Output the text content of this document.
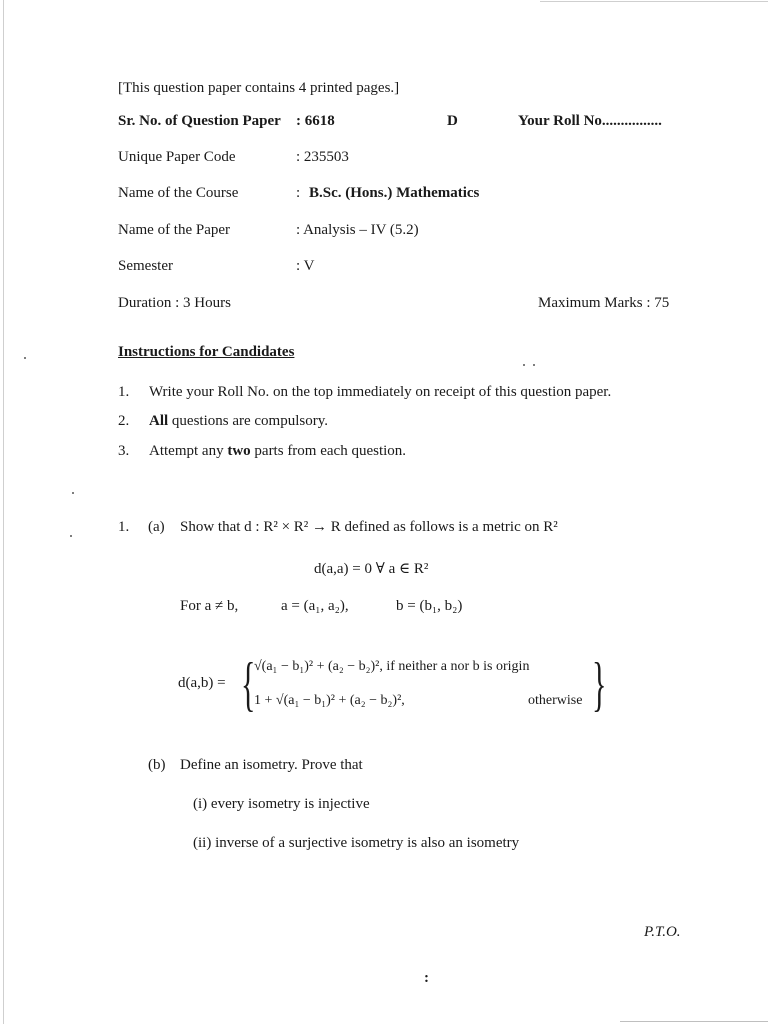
[This question paper contains 4 printed pages.]
Sr. No. of Question Paper : 6618	D	Your Roll No................
Unique Paper Code	: 235503
Name of the Course	: B.Sc. (Hons.) Mathematics
Name of the Paper	: Analysis – IV (5.2)
Semester	: V
Duration : 3 Hours	Maximum Marks : 75
Instructions for Candidates
1. Write your Roll No. on the top immediately on receipt of this question paper.
2. All questions are compulsory.
3. Attempt any two parts from each question.
1. (a) Show that d : R² × R² → R defined as follows is a metric on R²
d(a,a) = 0 ∀ a ∈ R²
For a ≠ b,	a = (a₁, a₂),	b = (b₁, b₂)
d(a,b) = {
√(a₁ − b₁)² + (a₂ − b₂)², if neither a nor b is origin
1 + √(a₁ − b₁)² + (a₂ − b₂)²,	otherwise }
(b) Define an isometry. Prove that
(i) every isometry is injective
(ii) inverse of a surjective isometry is also an isometry
P.T.O.
:
